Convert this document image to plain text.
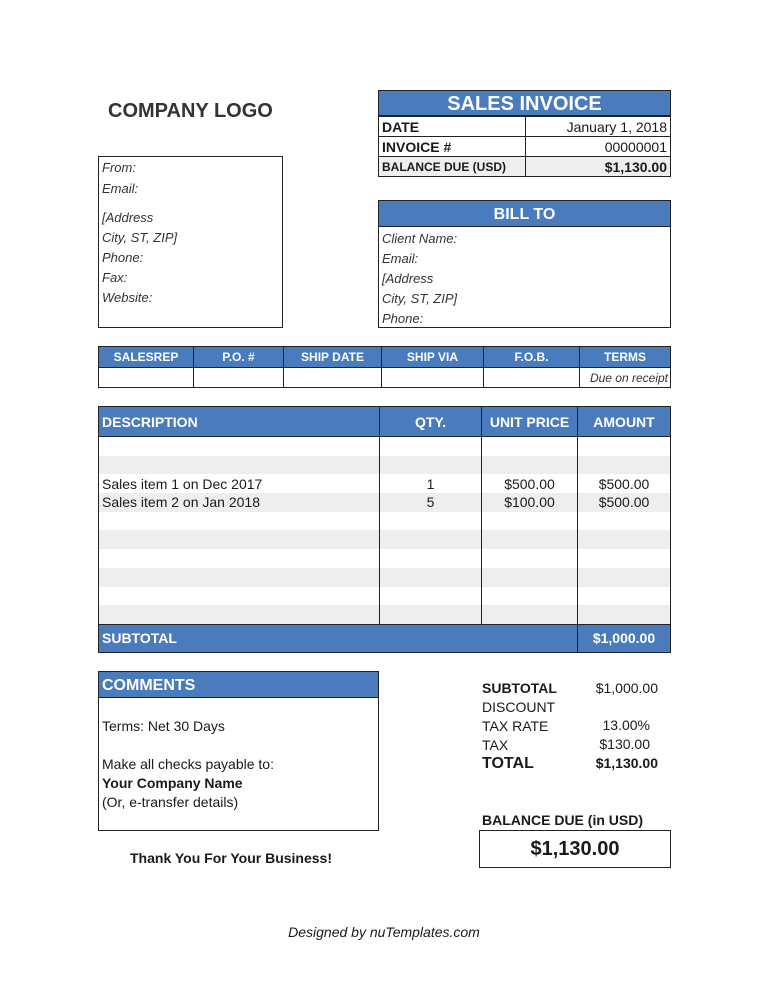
COMPANY LOGO	SALES INVOICE
DATE	January 1, 2018
INVOICE #	00000001
BALANCE DUE (USD)	$1,130.00
From:
Email:
[Address
City, ST, ZIP]
Phone:
Fax:
Website:
BILL TO
Client Name:
Email:
[Address
City, ST, ZIP]
Phone:
SALESREP	P.O. #	SHIP DATE	SHIP VIA	F.O.B.	TERMS
					Due on receipt
DESCRIPTION	QTY.	UNIT PRICE	AMOUNT

Sales item 1 on Dec 2017	1	$500.00	$500.00
Sales item 2 on Jan 2018	5	$100.00	$500.00

SUBTOTAL			$1,000.00
COMMENTS
Terms: Net 30 Days
Make all checks payable to:
Your Company Name
(Or, e-transfer details)
SUBTOTAL	$1,000.00
DISCOUNT
TAX RATE	13.00%
TAX	$130.00
TOTAL	$1,130.00
BALANCE DUE (in USD)
$1,130.00
Thank You For Your Business!
Designed by nuTemplates.com
